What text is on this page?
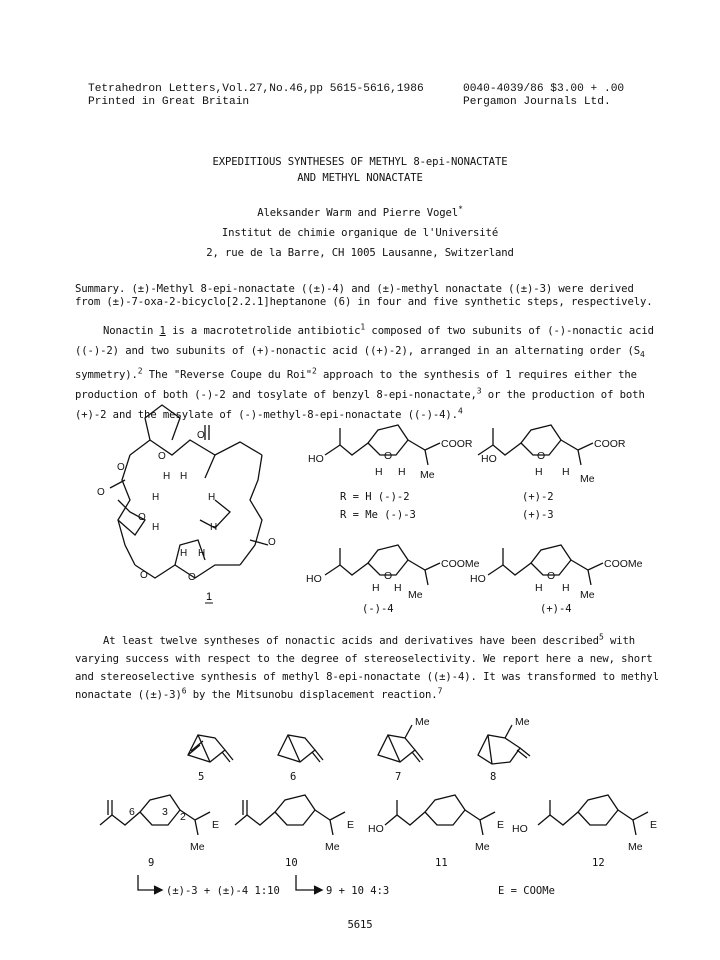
Tetrahedron Letters,Vol.27,No.46,pp 5615-5616,1986	0040-4039/86 $3.00 + .00
Printed in Great Britain	Pergamon Journals Ltd.
EXPEDITIOUS SYNTHESES OF METHYL 8-epi-NONACTATE
AND METHYL NONACTATE
Aleksander Warm and Pierre Vogel*
Institut de chimie organique de l'Université
2, rue de la Barre, CH 1005 Lausanne, Switzerland
Summary. (±)-Methyl 8-epi-nonactate ((±)-4) and (±)-methyl nonactate ((±)-3) were derived
from (±)-7-oxa-2-bicyclo[2.2.1]heptanone (6) in four and five synthetic steps, respectively.
Nonactin 1 is a macrotetrolide antibiotic$^1$ composed of two subunits of (-)-nonactic acid
((-)-2) and two subunits of (+)-nonactic acid ((+)-2), arranged in an alternating order ($S_4$
symmetry).$^2$ The "Reverse Coupe du Roi"$^2$ approach to the synthesis of 1 requires either the
production of both (-)-2 and tosylate of benzyl 8-epi-nonactate,$^3$ or the production of both
(+)-2 and the mesylate of (-)-methyl-8-epi-nonactate ((-)-4).$^4$
O
O
H H
O	H	H
O
H	H
O
H H
O	O
O
1
HO
COOR
O
H H Me
HO
COOR
O
H H
Me
HO
COOMe
O
H H
Me
HO
COOMe
O
H H
Me
R = H (-)-2
R = Me (-)-3
(+)-2
(+)-3
(-)-4	(+)-4
At least twelve syntheses of nonactic acids and derivatives have been described$^5$ with
varying success with respect to the degree of stereoselectivity. We report here a new, short
and stereoselective synthesis of methyl 8-epi-nonactate ((±)-4). It was transformed to methyl
nonactate $((\pm)-3)^6$ by the Mitsunobu displacement reaction.$^7$
Me	Me
E
Me
6	3 2
E
Me
HO	E
Me
HO	E
Me
5	6	7	8
9	10	11	12
(±)-3 + (±)-4 1:10	9 + 10 4:3	E = COOMe
5615
